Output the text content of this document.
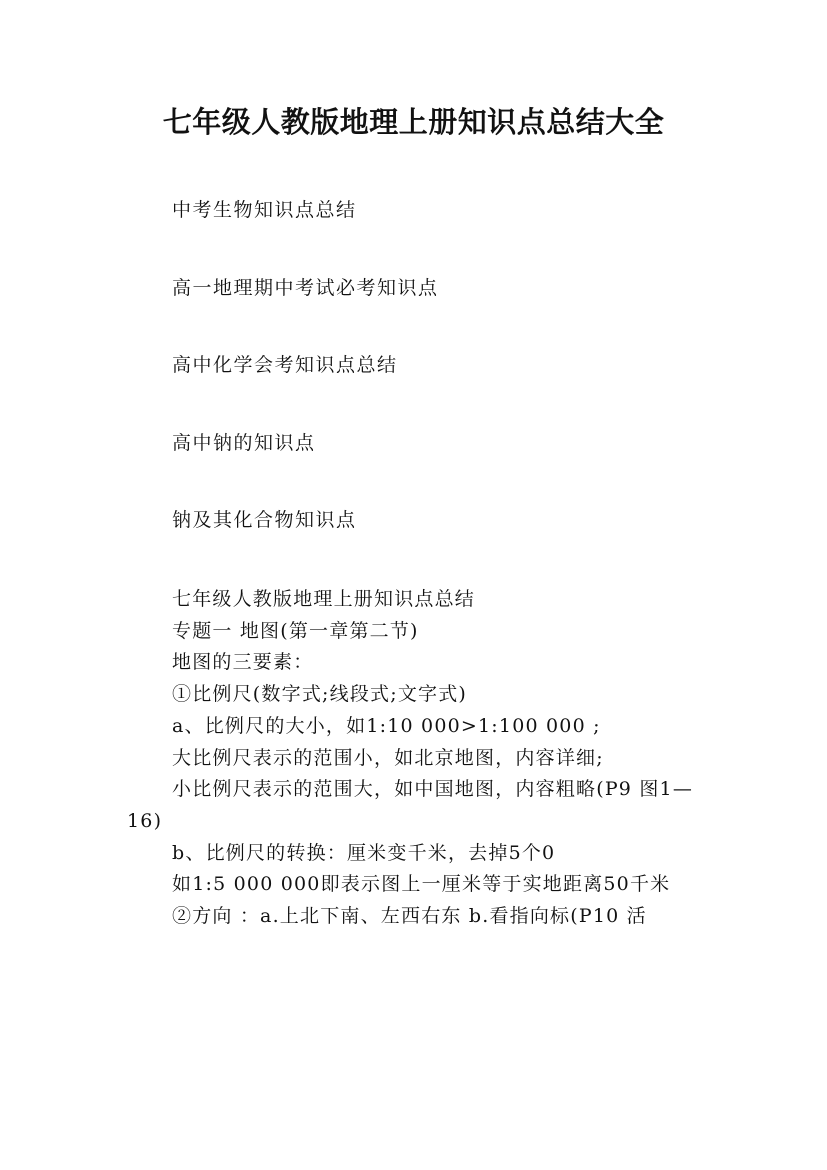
七年级人教版地理上册知识点总结大全
中考生物知识点总结
高一地理期中考试必考知识点
高中化学会考知识点总结
高中钠的知识点
钠及其化合物知识点

七年级人教版地理上册知识点总结

专题一 地图(第一章第二节)

地图的三要素：

①比例尺(数字式;线段式;文字式)

a、比例尺的大小，如1:10 000>1:100 000 ;

大比例尺表示的范围小，如北京地图，内容详细;

小比例尺表示的范围大，如中国地图，内容粗略(P9 图1—16)

b、比例尺的转换：厘米变千米，去掉5个0

如1:5 000 000即表示图上一厘米等于实地距离50千米

②方向 ：a.上北下南、左西右东 b.看指向标(P10 活
